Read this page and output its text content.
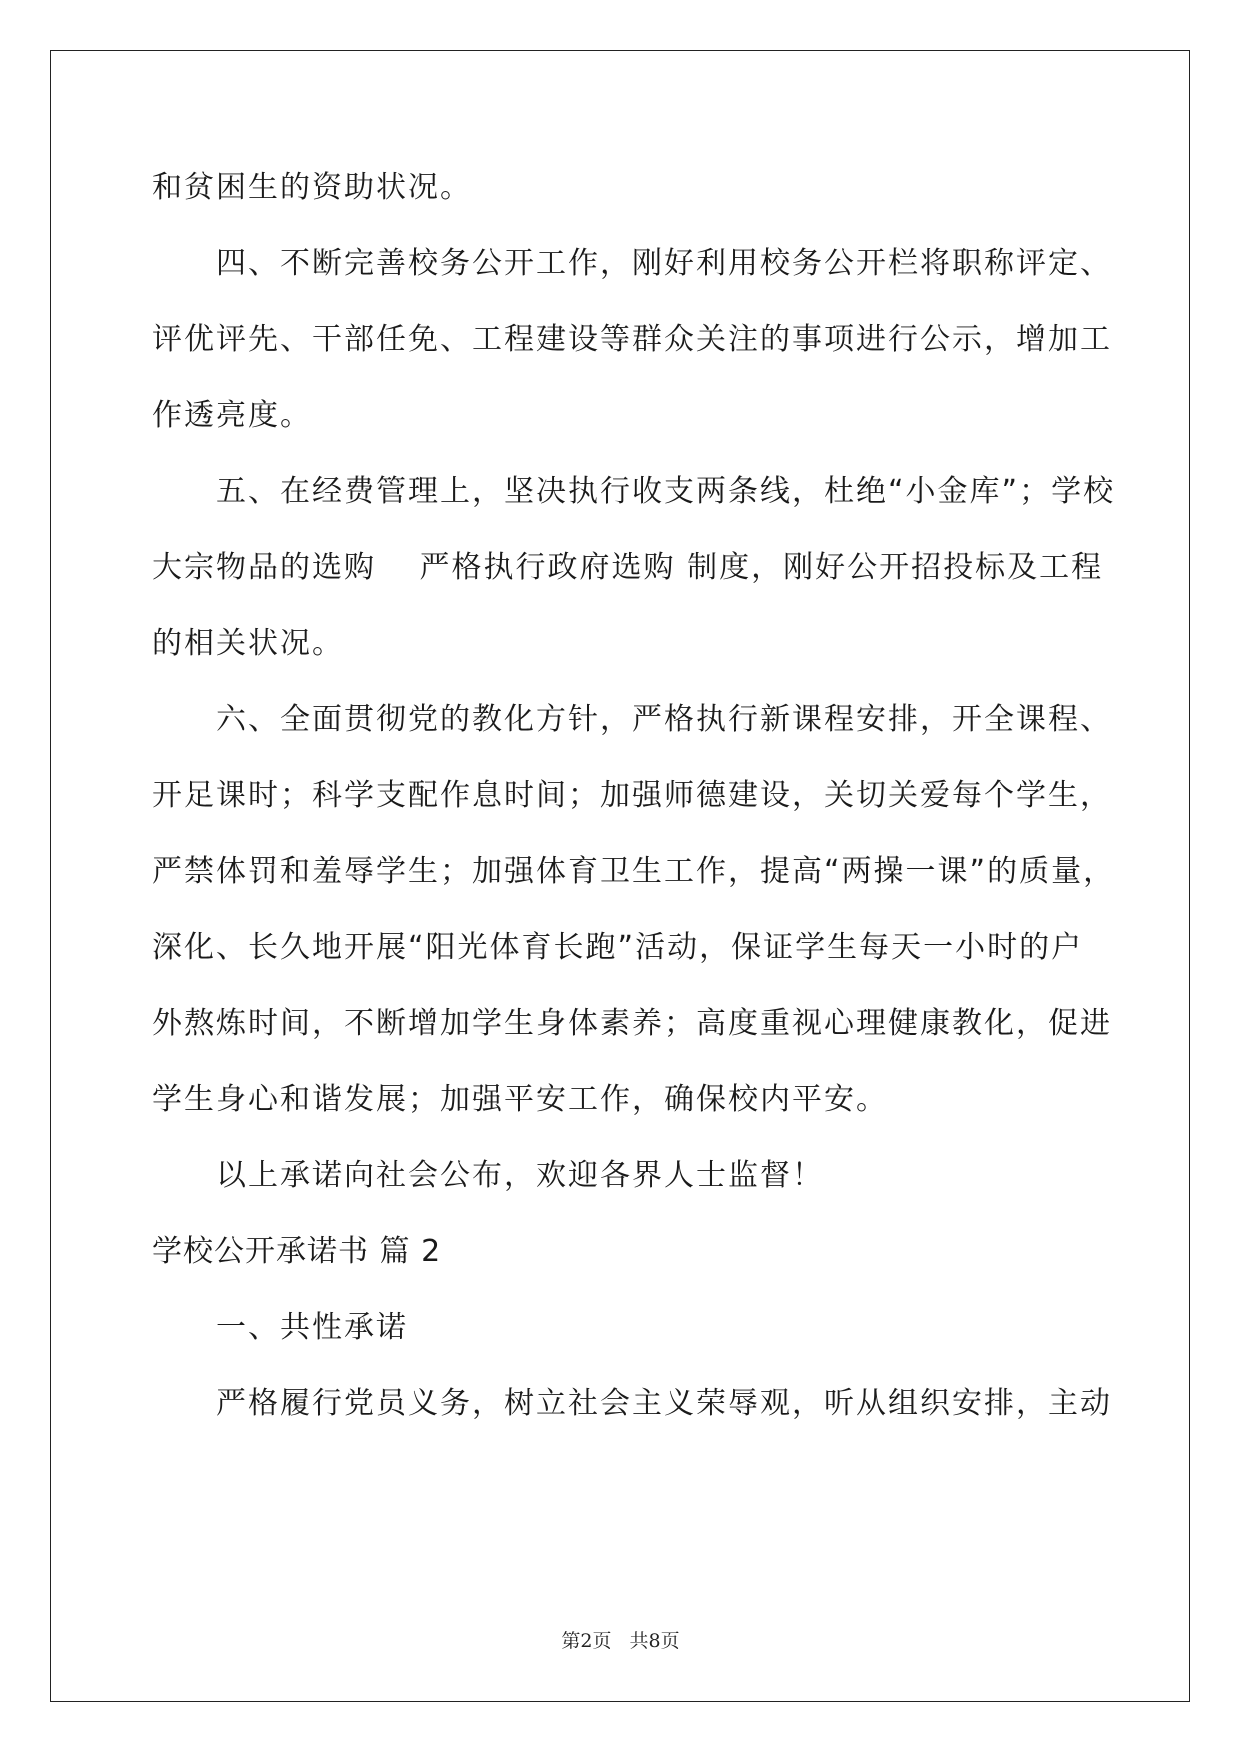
和贫困生的资助状况。
四、不断完善校务公开工作，刚好利用校务公开栏将职称评定、
评优评先、干部任免、工程建设等群众关注的事项进行公示，增加工
作透亮度。
五、在经费管理上，坚决执行收支两条线，杜绝“小金库”；学校
大宗物品的选购　 严格执行政府选购 制度，刚好公开招投标及工程
的相关状况。
六、全面贯彻党的教化方针，严格执行新课程安排，开全课程、
开足课时；科学支配作息时间；加强师德建设，关切关爱每个学生，
严禁体罚和羞辱学生；加强体育卫生工作，提高“两操一课”的质量，
深化、长久地开展“阳光体育长跑”活动，保证学生每天一小时的户
外熬炼时间，不断增加学生身体素养；高度重视心理健康教化，促进
学生身心和谐发展；加强平安工作，确保校内平安。
以上承诺向社会公布，欢迎各界人士监督！
学校公开承诺书 篇 2
一、共性承诺
严格履行党员义务，树立社会主义荣辱观，听从组织安排，主动
第2页 共8页
